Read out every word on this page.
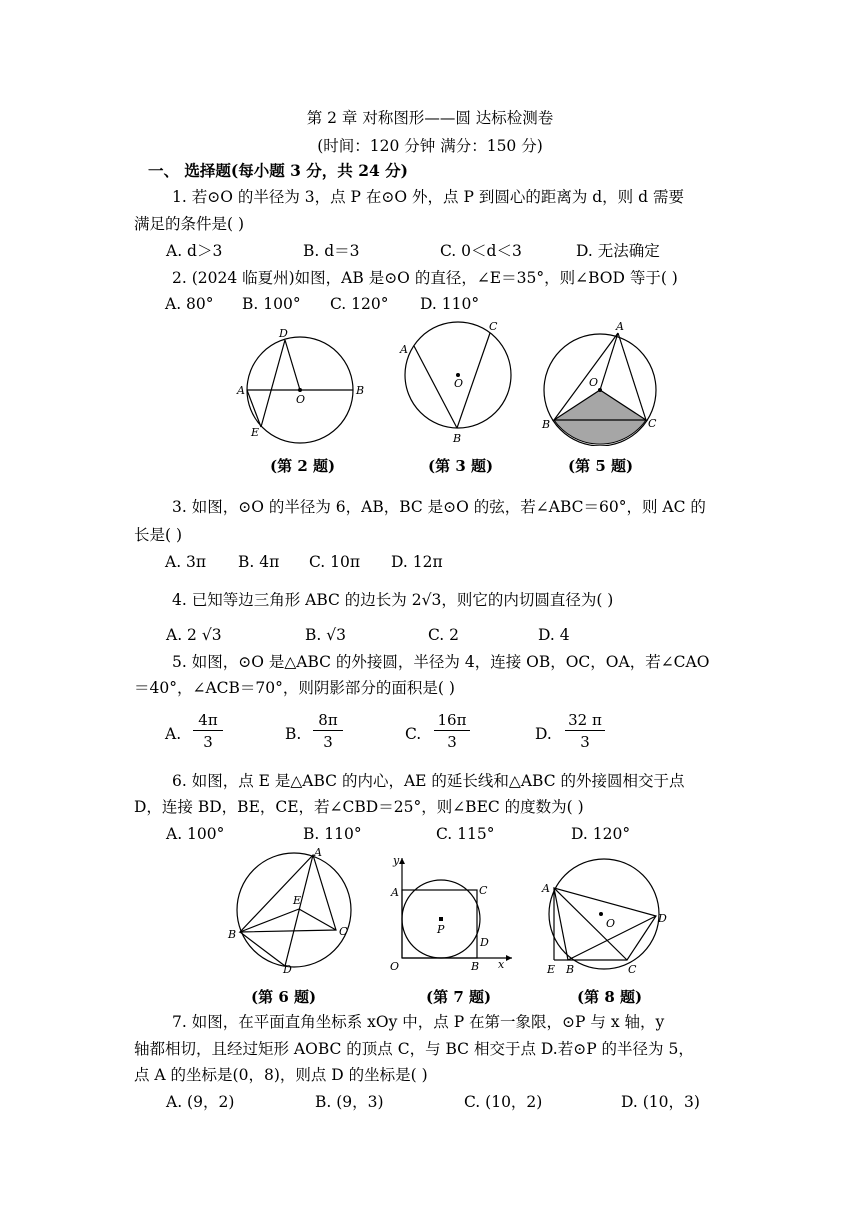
第 2 章 对称图形——圆 达标检测卷
(时间：120 分钟 满分：150 分)
一、 选择题(每小题 3 分，共 24 分)
1. 若⊙O 的半径为 3，点 P 在⊙O 外，点 P 到圆心的距离为 d，则 d 需要
满足的条件是( )
A. d＞3	B. d＝3	C. 0＜d＜3	D. 无法确定
2. (2024 临夏州)如图，AB 是⊙O 的直径，∠E＝35°，则∠BOD 等于( )
A. 80° B. 100° C. 120° D. 110°
D
A
O
B
E
(第 2 题)
C
A
O
B
(第 3 题)
A
O
B	C
(第 5 题)
3. 如图，⊙O 的半径为 6，AB，BC 是⊙O 的弦，若∠ABC＝60°，则 AC 的
长是( )
A. 3π B. 4π C. 10π D. 12π
4. 已知等边三角形 ABC 的边长为 2√3，则它的内切圆直径为( )
A. 2 √3	B. √3	C. 2	D. 4
5. 如图，⊙O 是△ABC 的外接圆，半径为 4，连接 OB，OC，OA，若∠CAO
＝40°，∠ACB＝70°，则阴影部分的面积是( )
A. $\frac{4\pi}{3}$	B. $\frac{8\pi}{3}$	C. $\frac{16\pi}{3}$	D. $\frac{32 \pi}{3}$
6. 如图，点 E 是△ABC 的内心，AE 的延长线和△ABC 的外接圆相交于点
D，连接 BD，BE，CE，若∠CBD＝25°，则∠BEC 的度数为( )
A. 100°	B. 110°	C. 115°	D. 120°
A
E
B	C
D
(第 6 题)
y
A	C
P
D
O	B x
(第 7 题)
A
O	D
E B	C
(第 8 题)
7. 如图，在平面直角坐标系 xOy 中，点 P 在第一象限，⊙P 与 x 轴，y
轴都相切，且经过矩形 AOBC 的顶点 C，与 BC 相交于点 D.若⊙P 的半径为 5，
点 A 的坐标是(0，8)，则点 D 的坐标是( )
A. (9，2)	B. (9，3)	C. (10，2)	D. (10，3)
